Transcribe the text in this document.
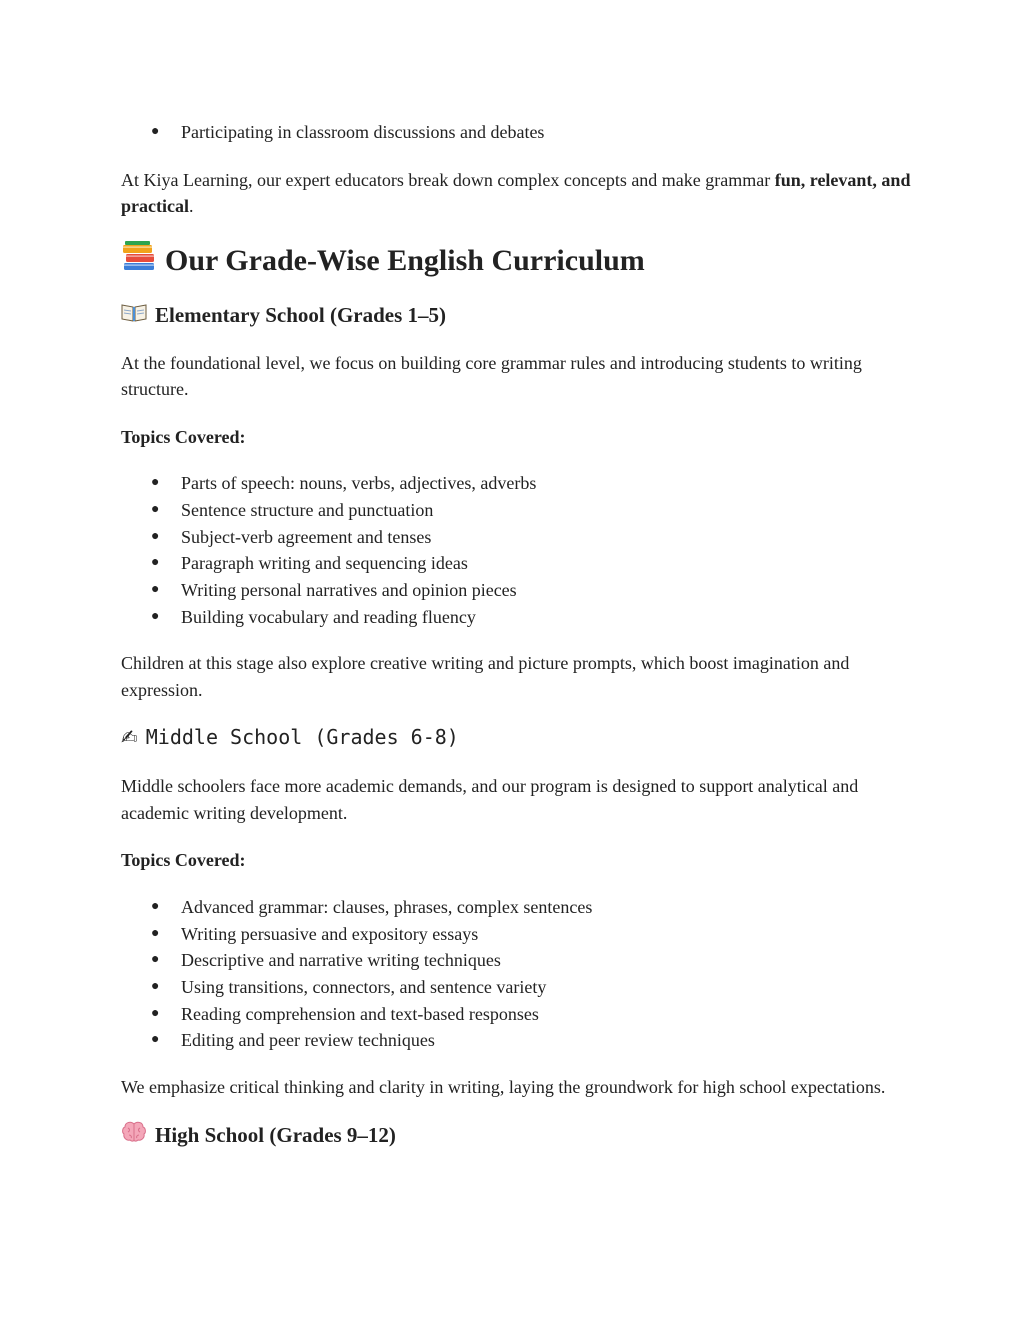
● Participating in classroom discussions and debates

At Kiya Learning, our expert educators break down complex concepts and make grammar fun, relevant, and practical.

Our Grade-Wise English Curriculum
Elementary School (Grades 1–5)

At the foundational level, we focus on building core grammar rules and introducing students to writing structure.

Topics Covered:

● Parts of speech: nouns, verbs, adjectives, adverbs
● Sentence structure and punctuation
● Subject-verb agreement and tenses
● Paragraph writing and sequencing ideas
● Writing personal narratives and opinion pieces
● Building vocabulary and reading fluency

Children at this stage also explore creative writing and picture prompts, which boost imagination and expression.

✍ Middle School (Grades 6-8)

Middle schoolers face more academic demands, and our program is designed to support analytical and academic writing development.

Topics Covered:

● Advanced grammar: clauses, phrases, complex sentences
● Writing persuasive and expository essays
● Descriptive and narrative writing techniques
● Using transitions, connectors, and sentence variety
● Reading comprehension and text-based responses
● Editing and peer review techniques

We emphasize critical thinking and clarity in writing, laying the groundwork for high school expectations.

High School (Grades 9–12)
